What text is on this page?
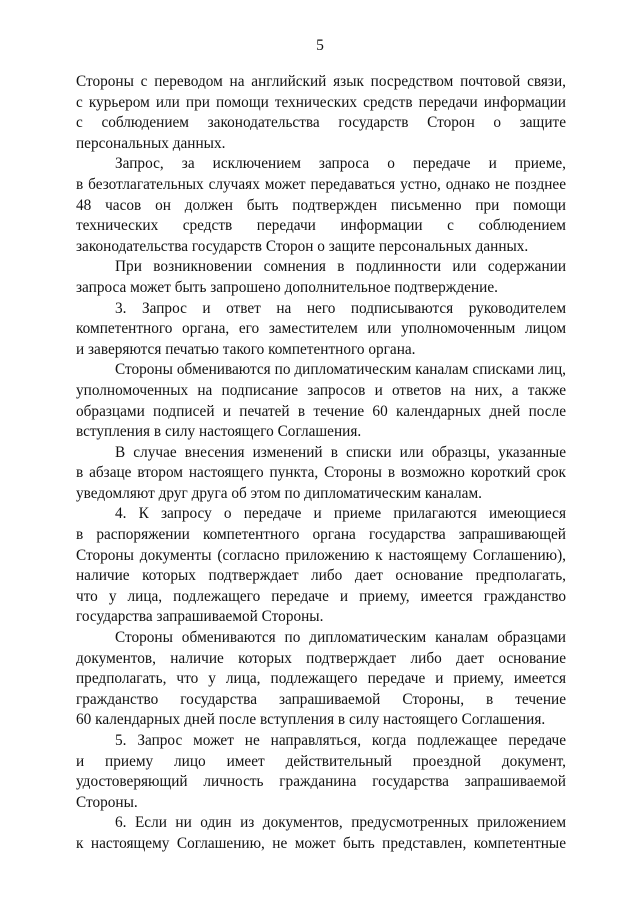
5
Стороны с переводом на английский язык посредством почтовой связи,
с курьером или при помощи технических средств передачи информации
с соблюдением законодательства государств Сторон о защите
персональных данных.
Запрос, за исключением запроса о передаче и приеме,
в безотлагательных случаях может передаваться устно, однако не позднее
48 часов он должен быть подтвержден письменно при помощи
технических средств передачи информации с соблюдением
законодательства государств Сторон о защите персональных данных.
При возникновении сомнения в подлинности или содержании
запроса может быть запрошено дополнительное подтверждение.
3. Запрос и ответ на него подписываются руководителем
компетентного органа, его заместителем или уполномоченным лицом
и заверяются печатью такого компетентного органа.
Стороны обмениваются по дипломатическим каналам списками лиц,
уполномоченных на подписание запросов и ответов на них, а также
образцами подписей и печатей в течение 60 календарных дней после
вступления в силу настоящего Соглашения.
В случае внесения изменений в списки или образцы, указанные
в абзаце втором настоящего пункта, Стороны в возможно короткий срок
уведомляют друг друга об этом по дипломатическим каналам.
4. К запросу о передаче и приеме прилагаются имеющиеся
в распоряжении компетентного органа государства запрашивающей
Стороны документы (согласно приложению к настоящему Соглашению),
наличие которых подтверждает либо дает основание предполагать,
что у лица, подлежащего передаче и приему, имеется гражданство
государства запрашиваемой Стороны.
Стороны обмениваются по дипломатическим каналам образцами
документов, наличие которых подтверждает либо дает основание
предполагать, что у лица, подлежащего передаче и приему, имеется
гражданство государства запрашиваемой Стороны, в течение
60 календарных дней после вступления в силу настоящего Соглашения.
5. Запрос может не направляться, когда подлежащее передаче
и приему лицо имеет действительный проездной документ,
удостоверяющий личность гражданина государства запрашиваемой
Стороны.
6. Если ни один из документов, предусмотренных приложением
к настоящему Соглашению, не может быть представлен, компетентные
